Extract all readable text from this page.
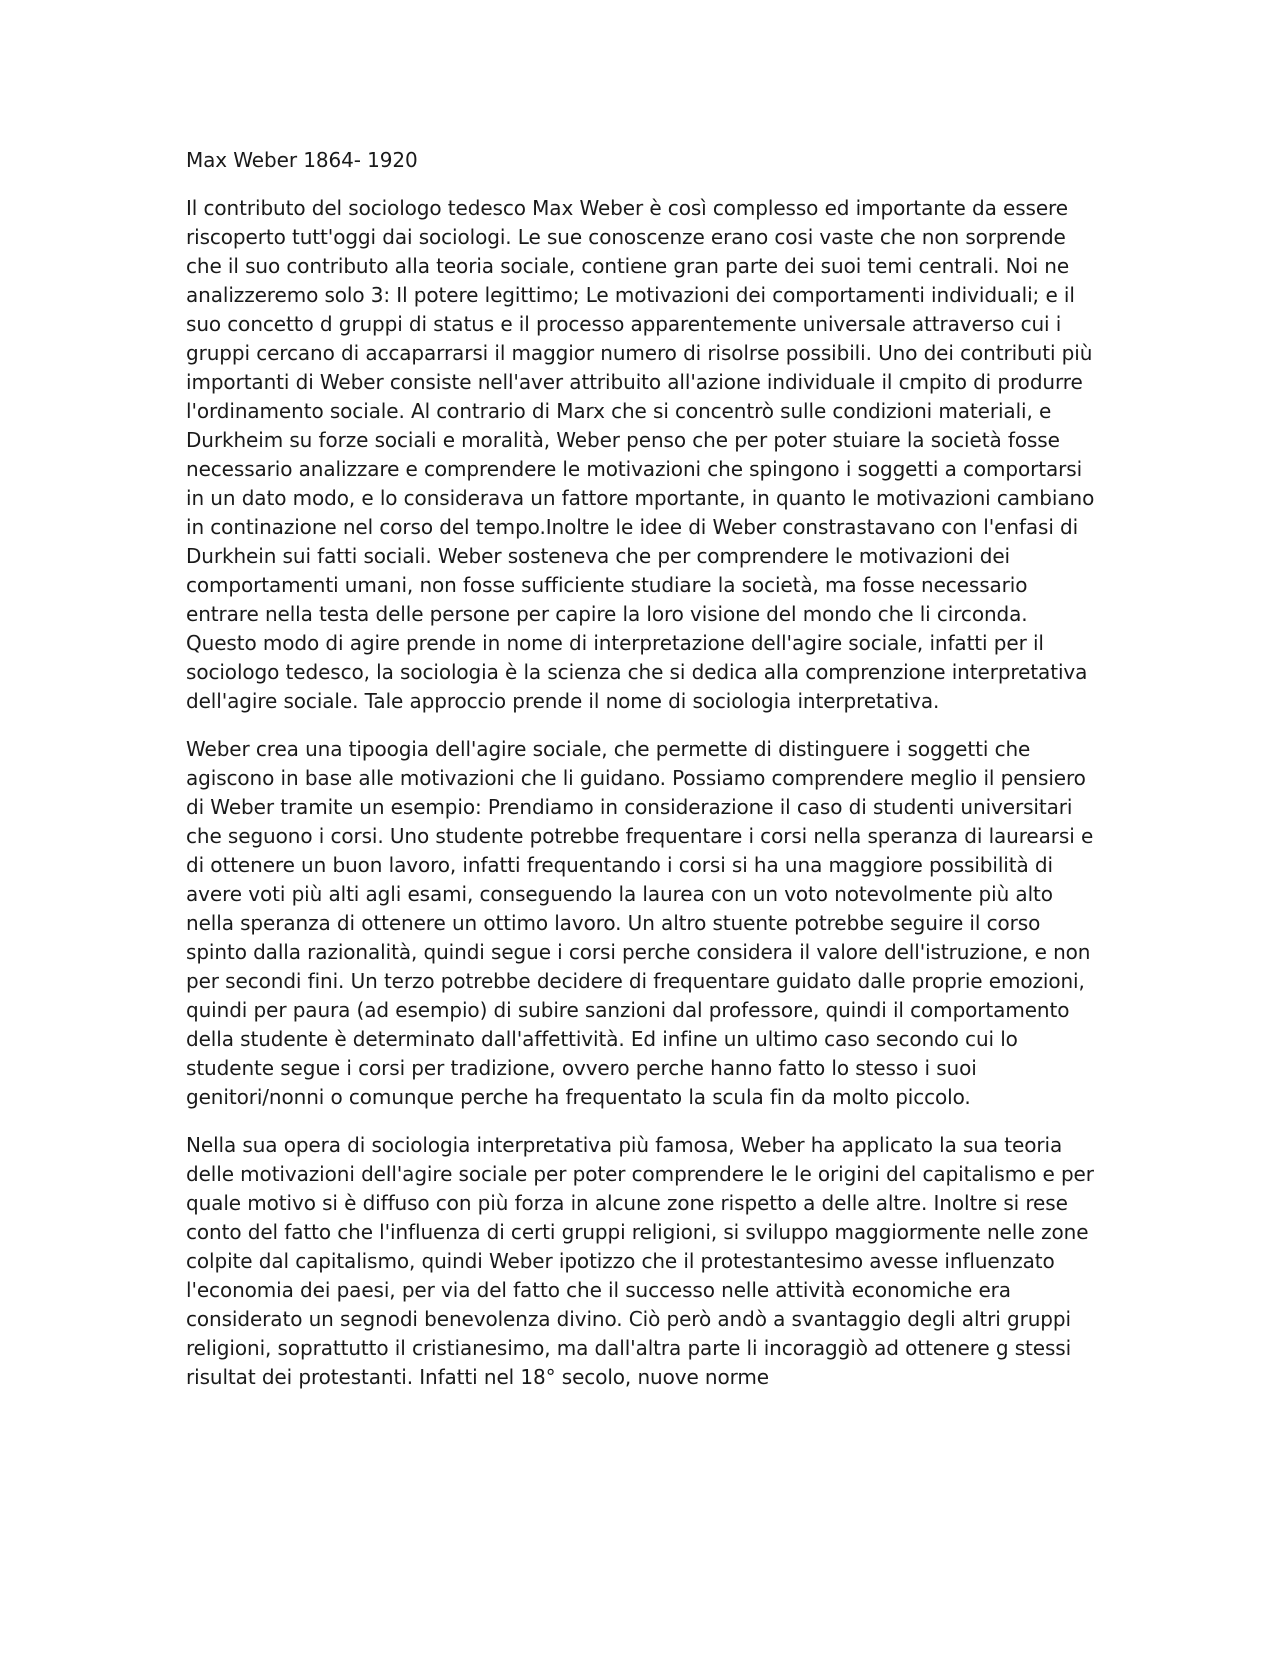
Max Weber 1864- 1920

Il contributo del sociologo tedesco Max Weber è così complesso ed importante da essere riscoperto tutt'oggi dai sociologi. Le sue conoscenze erano cosi vaste che non sorprende che il suo contributo alla teoria sociale, contiene gran parte dei suoi temi centrali. Noi ne analizzeremo solo 3: Il potere legittimo; Le motivazioni dei comportamenti individuali; e il suo concetto d gruppi di status e il processo apparentemente universale attraverso cui i gruppi cercano di accaparrarsi il maggior numero di risolrse possibili. Uno dei contributi più importanti di Weber consiste nell'aver attribuito all'azione individuale il cmpito di produrre l'ordinamento sociale. Al contrario di Marx che si concentrò sulle condizioni materiali, e Durkheim su forze sociali e moralità, Weber penso che per poter stuiare la società fosse necessario analizzare e comprendere le motivazioni che spingono i soggetti a comportarsi in un dato modo, e lo considerava un fattore mportante, in quanto le motivazioni cambiano in continazione nel corso del tempo.Inoltre le idee di Weber constrastavano con l'enfasi di Durkhein sui fatti sociali. Weber sosteneva che per comprendere le motivazioni dei comportamenti umani, non fosse sufficiente studiare la società, ma fosse necessario entrare nella testa delle persone per capire la loro visione del mondo che li circonda. Questo modo di agire prende in nome di interpretazione dell'agire sociale, infatti per il sociologo tedesco, la sociologia è la scienza che si dedica alla comprenzione interpretativa dell'agire sociale. Tale approccio prende il nome di sociologia interpretativa.

Weber crea una tipoogia dell'agire sociale, che permette di distinguere i soggetti che agiscono in base alle motivazioni che li guidano. Possiamo comprendere meglio il pensiero di Weber tramite un esempio: Prendiamo in considerazione il caso di studenti universitari che seguono i corsi. Uno studente potrebbe frequentare i corsi nella speranza di laurearsi e di ottenere un buon lavoro, infatti frequentando i corsi si ha una maggiore possibilità di avere voti più alti agli esami, conseguendo la laurea con un voto notevolmente più alto nella speranza di ottenere un ottimo lavoro. Un altro stuente potrebbe seguire il corso spinto dalla razionalità, quindi segue i corsi perche considera il valore dell'istruzione, e non per secondi fini. Un terzo potrebbe decidere di frequentare guidato dalle proprie emozioni, quindi per paura (ad esempio) di subire sanzioni dal professore, quindi il comportamento della studente è determinato dall'affettività. Ed infine un ultimo caso secondo cui lo studente segue i corsi per tradizione, ovvero perche hanno fatto lo stesso i suoi genitori/nonni o comunque perche ha frequentato la scula fin da molto piccolo.

Nella sua opera di sociologia interpretativa più famosa, Weber ha applicato la sua teoria delle motivazioni dell'agire sociale per poter comprendere le le origini del capitalismo e per quale motivo si è diffuso con più forza in alcune zone rispetto a delle altre. Inoltre si rese conto del fatto che l'influenza di certi gruppi religioni, si sviluppo maggiormente nelle zone colpite dal capitalismo, quindi Weber ipotizzo che il protestantesimo avesse influenzato l'economia dei paesi, per via del fatto che il successo nelle attività economiche era considerato un segnodi benevolenza divino. Ciò però andò a svantaggio degli altri gruppi religioni, soprattutto il cristianesimo, ma dall'altra parte li incoraggiò ad ottenere g stessi risultat dei protestanti. Infatti nel 18° secolo, nuove norme
